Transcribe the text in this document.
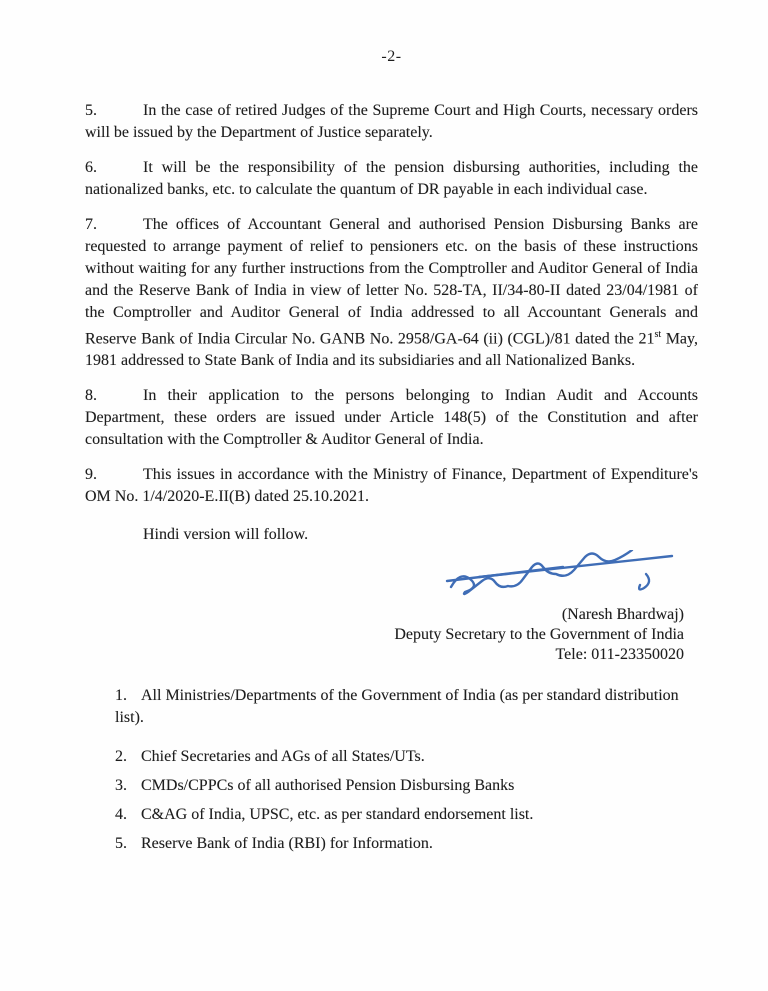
-2-

5.	In the case of retired Judges of the Supreme Court and High Courts, necessary orders will be issued by the Department of Justice separately.

6.	It will be the responsibility of the pension disbursing authorities, including the nationalized banks, etc. to calculate the quantum of DR payable in each individual case.

7.	The offices of Accountant General and authorised Pension Disbursing Banks are requested to arrange payment of relief to pensioners etc. on the basis of these instructions without waiting for any further instructions from the Comptroller and Auditor General of India and the Reserve Bank of India in view of letter No. 528-TA, II/34-80-II dated 23/04/1981 of the Comptroller and Auditor General of India addressed to all Accountant Generals and Reserve Bank of India Circular No. GANB No. 2958/GA-64 (ii) (CGL)/81 dated the 21st May, 1981 addressed to State Bank of India and its subsidiaries and all Nationalized Banks.

8.	In their application to the persons belonging to Indian Audit and Accounts Department, these orders are issued under Article 148(5) of the Constitution and after consultation with the Comptroller & Auditor General of India.

9.	This issues in accordance with the Ministry of Finance, Department of Expenditure's OM No. 1/4/2020-E.II(B) dated 25.10.2021.

Hindi version will follow.

(Naresh Bhardwaj)
Deputy Secretary to the Government of India
Tele: 011-23350020
1. All Ministries/Departments of the Government of India (as per standard distribution list).
2. Chief Secretaries and AGs of all States/UTs.
3. CMDs/CPPCs of all authorised Pension Disbursing Banks
4. C&AG of India, UPSC, etc. as per standard endorsement list.
5. Reserve Bank of India (RBI) for Information.
